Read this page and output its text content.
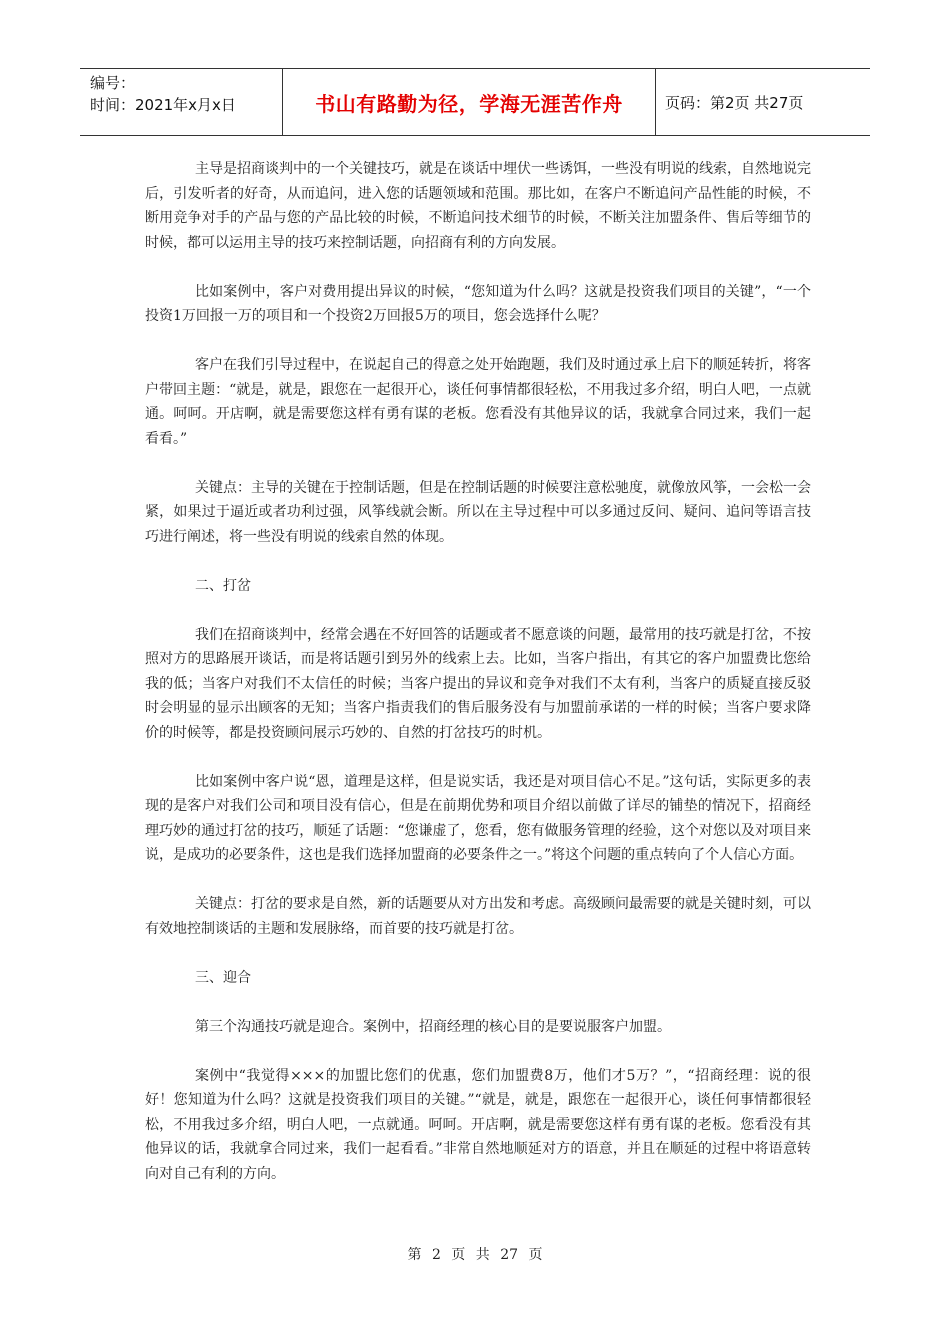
编号：
时间：2021年x月x日	书山有路勤为径，学海无涯苦作舟	页码：第2页 共27页

主导是招商谈判中的一个关键技巧，就是在谈话中埋伏一些诱饵，一些没有明说的线索，自然地说完后，引发听者的好奇，从而追问，进入您的话题领域和范围。那比如，在客户不断追问产品性能的时候，不断用竞争对手的产品与您的产品比较的时候，不断追问技术细节的时候，不断关注加盟条件、售后等细节的时候，都可以运用主导的技巧来控制话题，向招商有利的方向发展。

比如案例中，客户对费用提出异议的时候，“您知道为什么吗？这就是投资我们项目的关键”，“一个投资1万回报一万的项目和一个投资2万回报5万的项目，您会选择什么呢？

客户在我们引导过程中，在说起自己的得意之处开始跑题，我们及时通过承上启下的顺延转折，将客户带回主题：“就是，就是，跟您在一起很开心，谈任何事情都很轻松，不用我过多介绍，明白人吧，一点就通。呵呵。开店啊，就是需要您这样有勇有谋的老板。您看没有其他异议的话，我就拿合同过来，我们一起看看。”

关键点：主导的关键在于控制话题，但是在控制话题的时候要注意松驰度，就像放风筝，一会松一会紧，如果过于逼近或者功利过强，风筝线就会断。所以在主导过程中可以多通过反问、疑问、追问等语言技巧进行阐述，将一些没有明说的线索自然的体现。

二、打岔

我们在招商谈判中，经常会遇在不好回答的话题或者不愿意谈的问题，最常用的技巧就是打岔，不按照对方的思路展开谈话，而是将话题引到另外的线索上去。比如，当客户指出，有其它的客户加盟费比您给我的低；当客户对我们不太信任的时候；当客户提出的异议和竞争对我们不太有利，当客户的质疑直接反驳时会明显的显示出顾客的无知；当客户指责我们的售后服务没有与加盟前承诺的一样的时候；当客户要求降价的时候等，都是投资顾问展示巧妙的、自然的打岔技巧的时机。

比如案例中客户说“恩，道理是这样，但是说实话，我还是对项目信心不足。”这句话，实际更多的表现的是客户对我们公司和项目没有信心，但是在前期优势和项目介绍以前做了详尽的铺垫的情况下，招商经理巧妙的通过打岔的技巧，顺延了话题：“您谦虚了，您看，您有做服务管理的经验，这个对您以及对项目来说，是成功的必要条件，这也是我们选择加盟商的必要条件之一。”将这个问题的重点转向了个人信心方面。

关键点：打岔的要求是自然，新的话题要从对方出发和考虑。高级顾问最需要的就是关键时刻，可以有效地控制谈话的主题和发展脉络，而首要的技巧就是打岔。

三、迎合

第三个沟通技巧就是迎合。案例中，招商经理的核心目的是要说服客户加盟。

案例中“我觉得×××的加盟比您们的优惠，您们加盟费8万，他们才5万？”，“招商经理：说的很好！您知道为什么吗？这就是投资我们项目的关键。”“就是，就是，跟您在一起很开心，谈任何事情都很轻松，不用我过多介绍，明白人吧，一点就通。呵呵。开店啊，就是需要您这样有勇有谋的老板。您看没有其他异议的话，我就拿合同过来，我们一起看看。”非常自然地顺延对方的语意，并且在顺延的过程中将语意转向对自己有利的方向。

第 2 页 共 27 页
